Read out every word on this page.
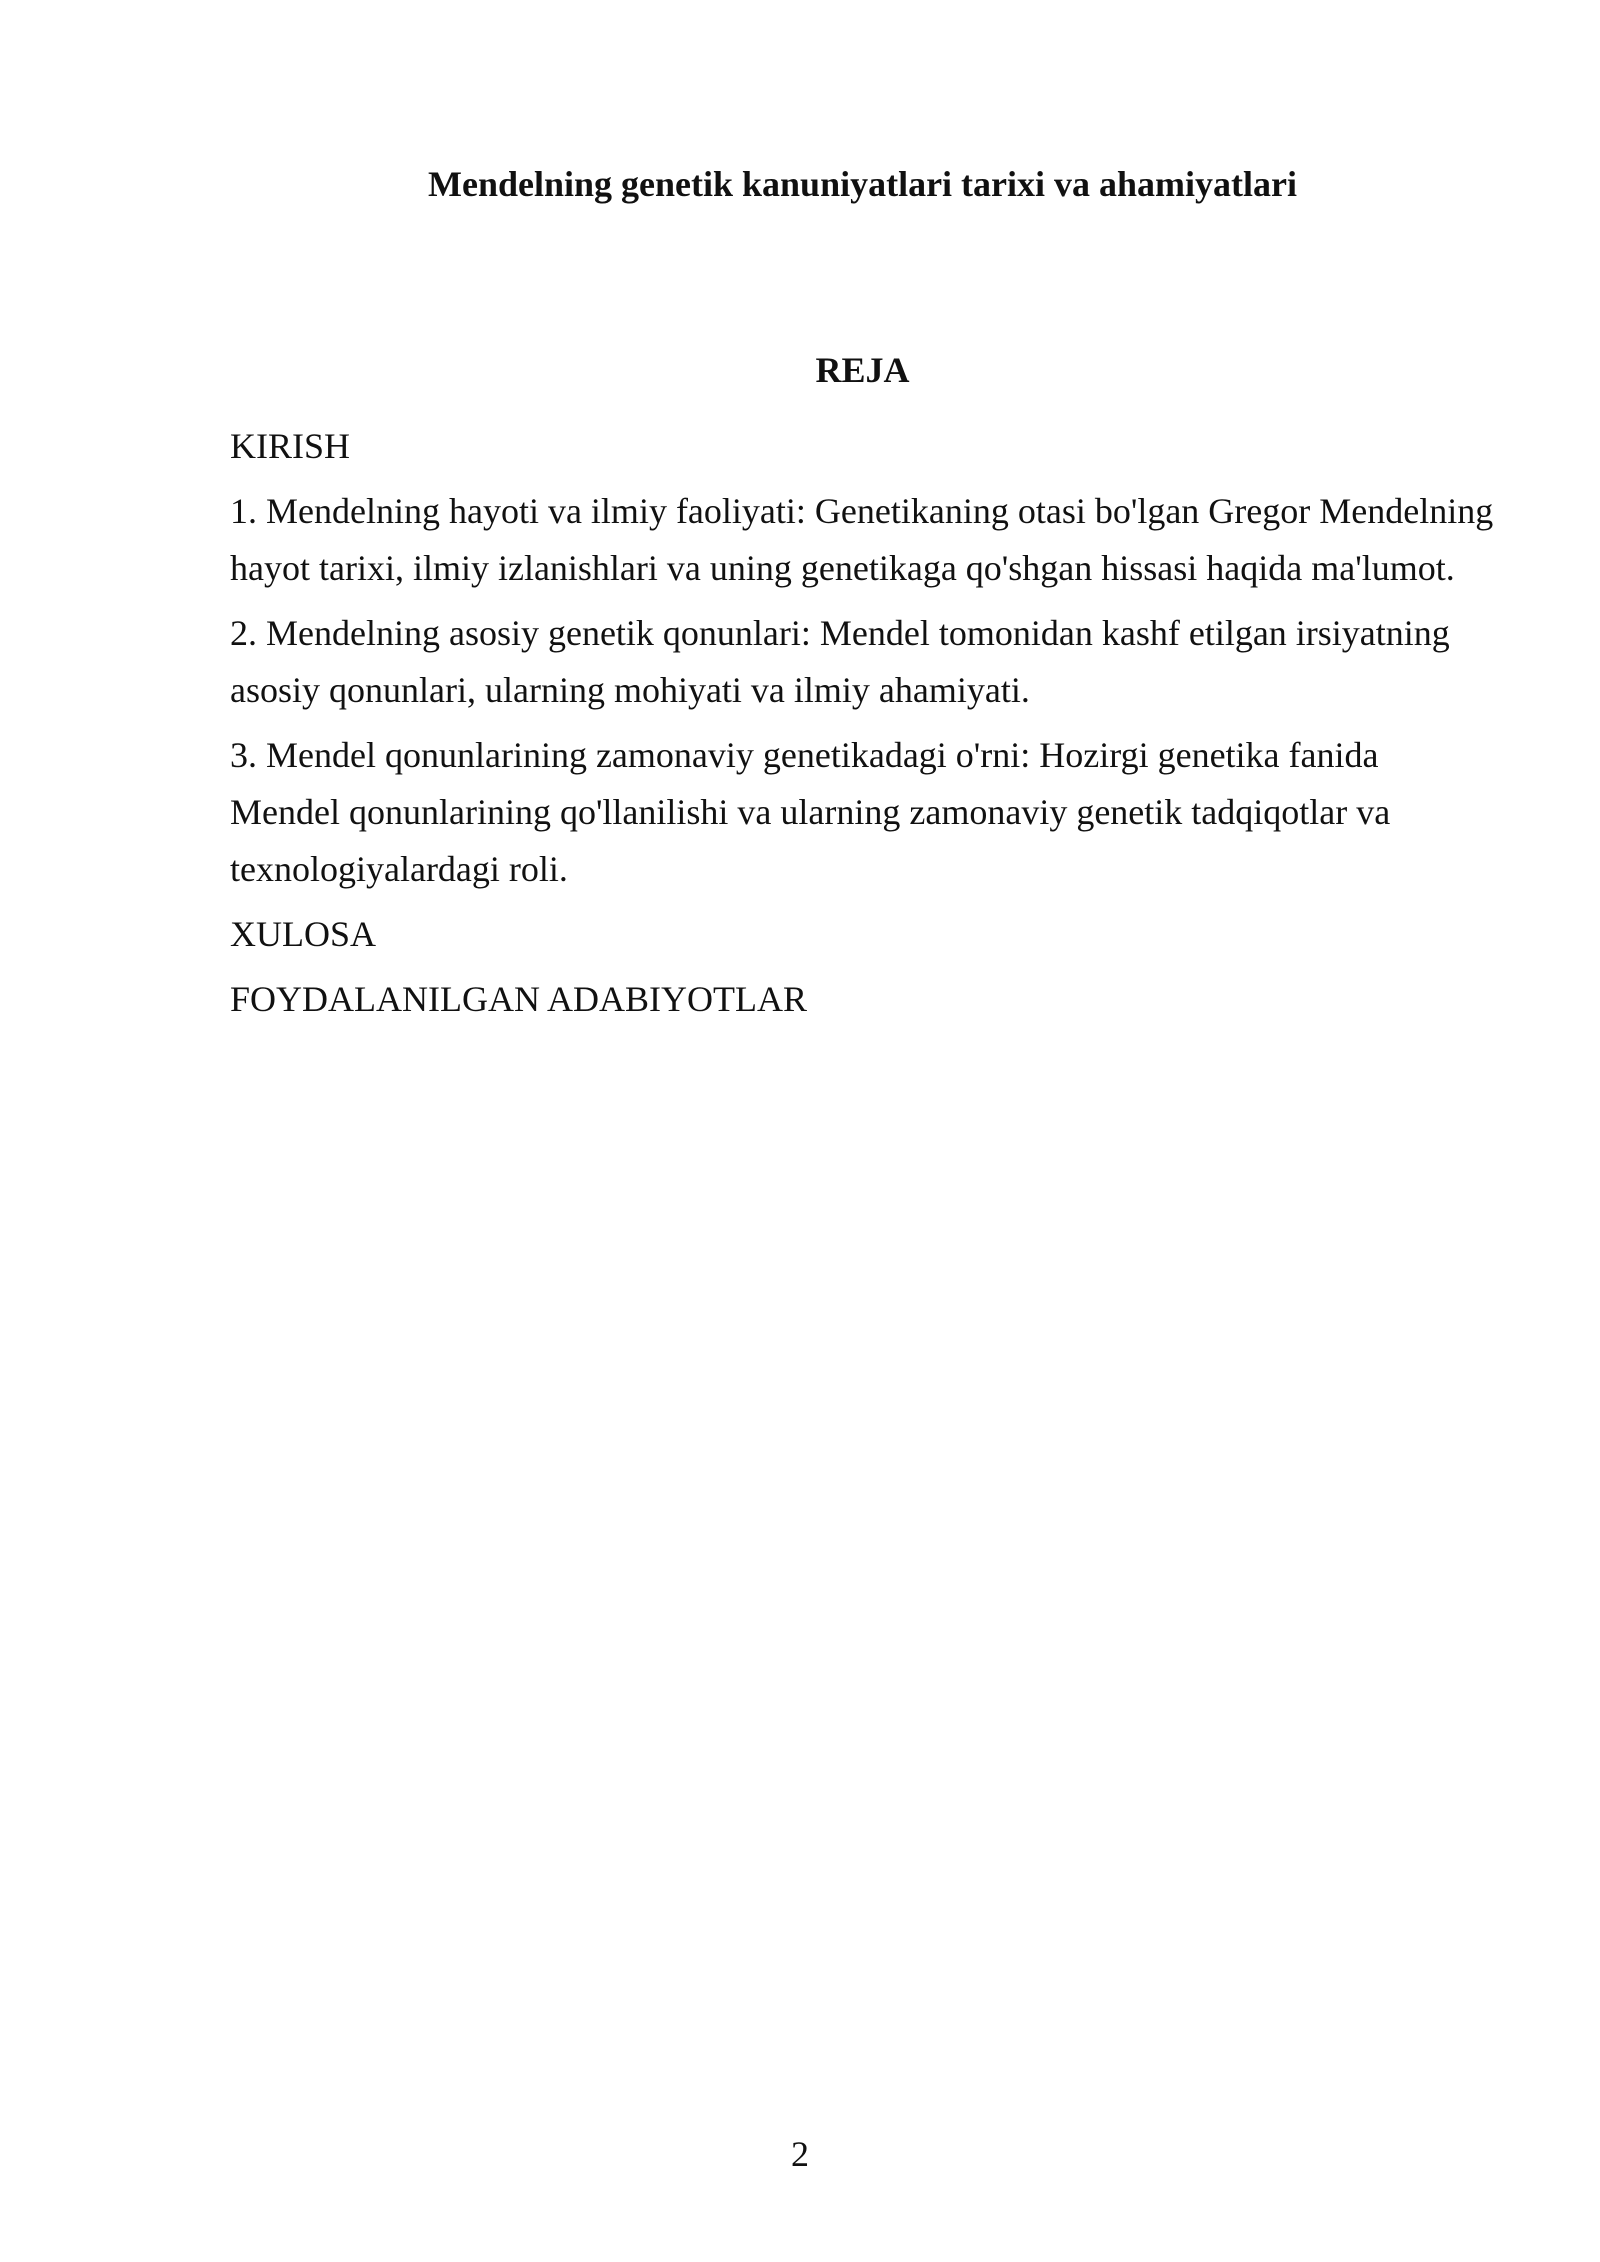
Mendelning genetik kanuniyatlari tarixi va ahamiyatlari
REJA

KIRISH

1. Mendelning hayoti va ilmiy faoliyati: Genetikaning otasi bo'lgan Gregor Mendelning hayot tarixi, ilmiy izlanishlari va uning genetikaga qo'shgan hissasi haqida ma'lumot.

2. Mendelning asosiy genetik qonunlari: Mendel tomonidan kashf etilgan irsiyatning asosiy qonunlari, ularning mohiyati va ilmiy ahamiyati.

3. Mendel qonunlarining zamonaviy genetikadagi o'rni: Hozirgi genetika fanida Mendel qonunlarining qo'llanilishi va ularning zamonaviy genetik tadqiqotlar va texnologiyalardagi roli.

XULOSA

FOYDALANILGAN ADABIYOTLAR

2
